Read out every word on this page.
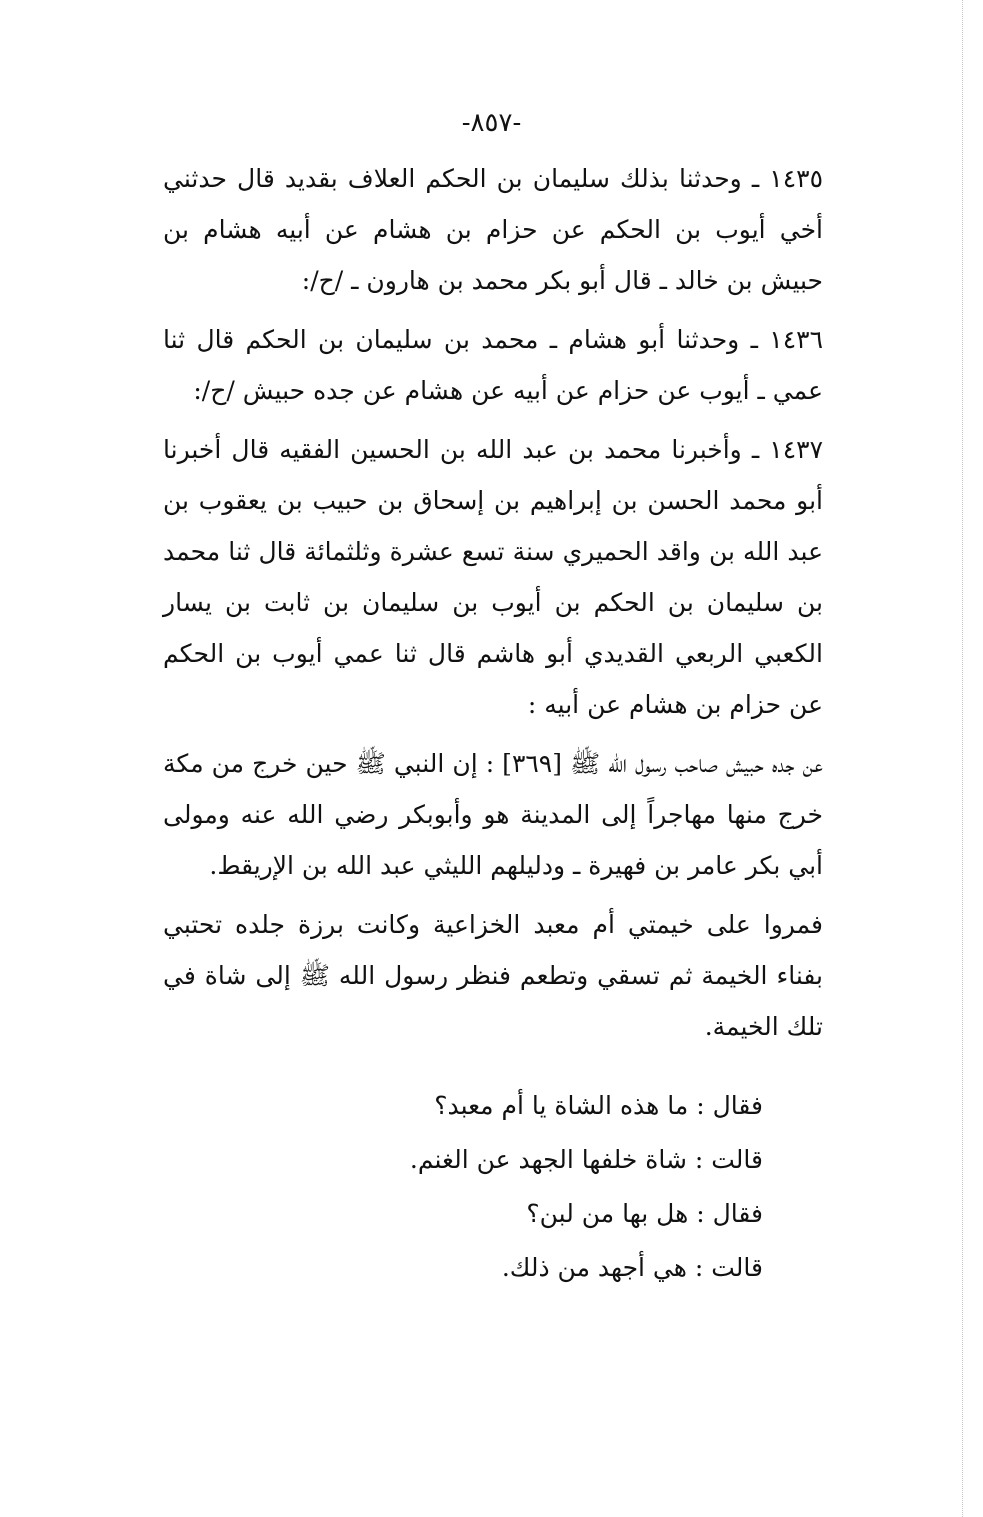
-٨٥٧-

١٤٣٥ ـ وحدثنا بذلك سليمان بن الحكم العلاف بقديد قال حدثني أخي أيوب بن الحكم عن حزام بن هشام عن أبيه هشام بن حبيش بن خالد ـ قال أبو بكر محمد بن هارون ـ /ح/:

١٤٣٦ ـ وحدثنا أبو هشام ـ محمد بن سليمان بن الحكم قال ثنا عمي ـ أيوب عن حزام عن أبيه عن هشام عن جده حبيش /ح/:

١٤٣٧ ـ وأخبرنا محمد بن عبد الله بن الحسين الفقيه قال أخبرنا أبو محمد الحسن بن إبراهيم بن إسحاق بن حبيب بن يعقوب بن عبد الله بن واقد الحميري سنة تسع عشرة وثلثمائة قال ثنا محمد بن سليمان بن الحكم بن أيوب بن سليمان بن ثابت بن يسار الكعبي الربعي القديدي أبو هاشم قال ثنا عمي أيوب بن الحكم عن حزام بن هشام عن أبيه :

عن جده حبيش صاحب رسول الله ﷺ [٣٦٩] : إن النبي ﷺ حين خرج من مكة خرج منها مهاجراً إلى المدينة هو وأبوبكر رضي الله عنه ومولى أبي بكر عامر بن فهيرة ـ ودليلهم الليثي عبد الله بن الإريقط.

فمروا على خيمتي أم معبد الخزاعية وكانت برزة جلده تحتبي بفناء الخيمة ثم تسقي وتطعم فنظر رسول الله ﷺ إلى شاة في تلك الخيمة.

فقال : ما هذه الشاة يا أم معبد؟
قالت : شاة خلفها الجهد عن الغنم.
فقال : هل بها من لبن؟
قالت : هي أجهد من ذلك.
